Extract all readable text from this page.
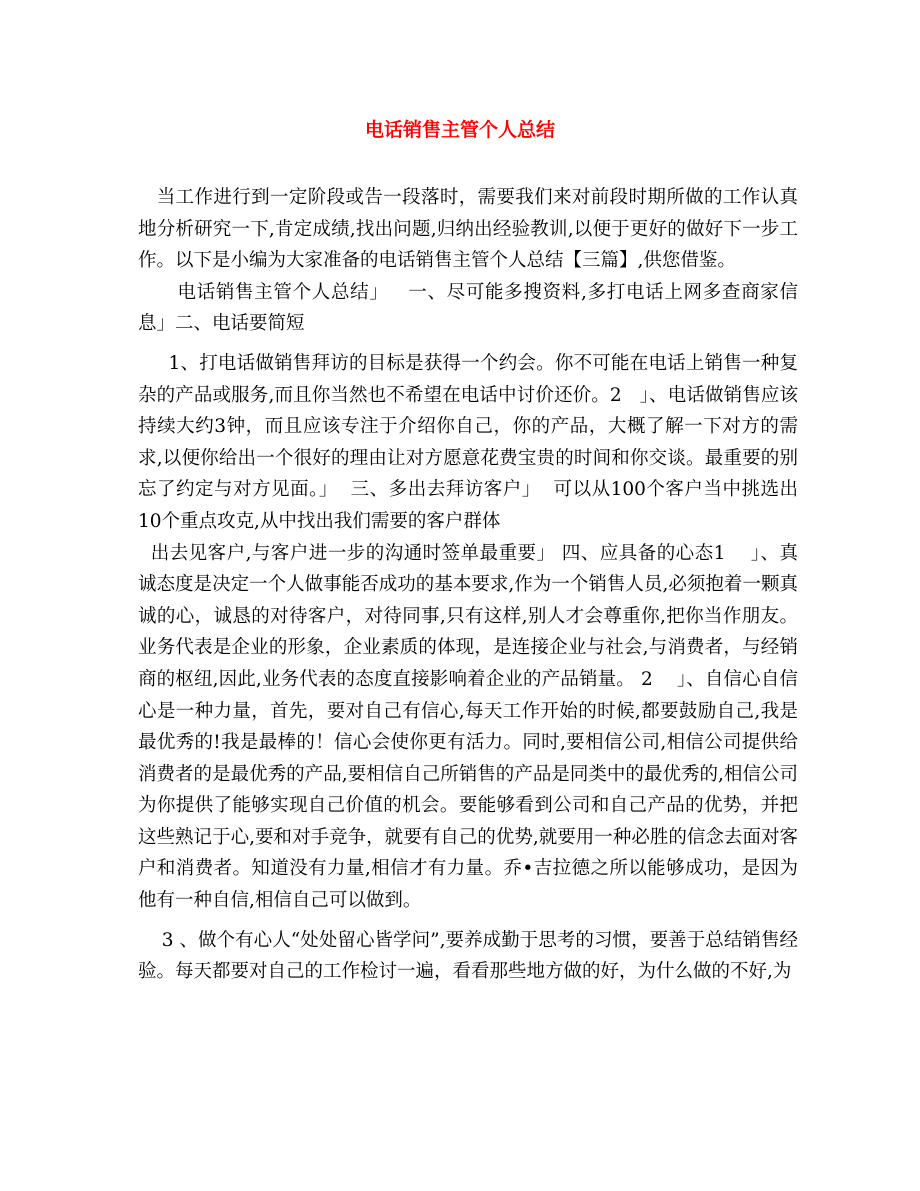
电话销售主管个人总结

当工作进行到一定阶段或告一段落时，需要我们来对前段时期所做的工作认真地分析研究一下,肯定成绩,找出问题,归纳出经验教训,以便于更好的做好下一步工作。以下是小编为大家准备的电话销售主管个人总结【三篇】,供您借鉴。

电话销售主管个人总结」   一、尽可能多搜资料,多打电话上网多查商家信息」二、电话要简短

1、打电话做销售拜访的目标是获得一个约会。你不可能在电话上销售一种复杂的产品或服务,而且你当然也不希望在电话中讨价还价。2   」、电话做销售应该持续大约3钟，而且应该专注于介绍你自己，你的产品，大概了解一下对方的需求,以便你给出一个很好的理由让对方愿意花费宝贵的时间和你交谈。最重要的别忘了约定与对方见面。」  三、多出去拜访客户」  可以从100个客户当中挑选出10个重点攻克,从中找出我们需要的客户群体

出去见客户,与客户进一步的沟通时签单最重要」 四、应具备的心态1    」、真诚态度是决定一个人做事能否成功的基本要求,作为一个销售人员,必须抱着一颗真诚的心，诚恳的对待客户，对待同事,只有这样,别人才会尊重你,把你当作朋友。业务代表是企业的形象，企业素质的体现，是连接企业与社会,与消费者，与经销商的枢纽,因此,业务代表的态度直接影响着企业的产品销量。 2    」、自信心自信心是一种力量，首先，要对自己有信心,每天工作开始的时候,都要鼓励自己,我是最优秀的!我是最棒的！信心会使你更有活力。同时,要相信公司,相信公司提供给消费者的是最优秀的产品,要相信自己所销售的产品是同类中的最优秀的,相信公司为你提供了能够实现自己价值的机会。要能够看到公司和自己产品的优势，并把这些熟记于心,要和对手竞争，就要有自己的优势,就要用一种必胜的信念去面对客户和消费者。知道没有力量,相信才有力量。乔•吉拉德之所以能够成功，是因为他有一种自信,相信自己可以做到。

3 、做个有心人“处处留心皆学问”,要养成勤于思考的习惯，要善于总结销售经验。每天都要对自己的工作检讨一遍，看看那些地方做的好，为什么做的不好,为
